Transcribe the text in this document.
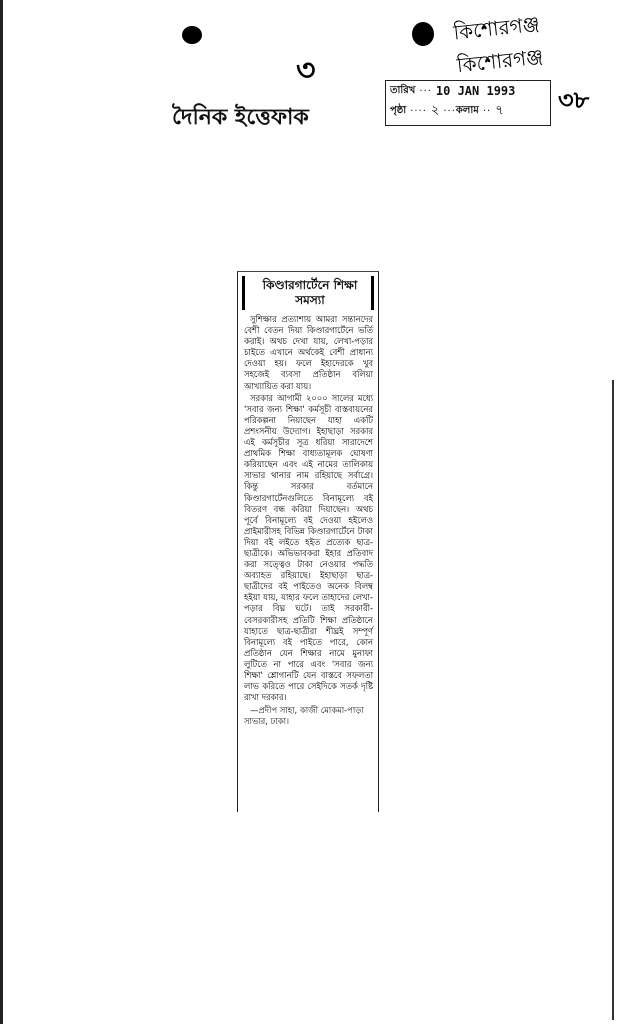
কিশোরগঞ্জ কিশোরগঞ্জ
৩
৩৮
দৈনিক ইত্তেফাক
তারিখ ··· 10 JAN 1993
পৃষ্ঠা ···· ২ ··· কলাম ·· ৭
কিণ্ডারগার্টেনে শিক্ষা
সমস্যা

সুশিক্ষার প্রত্যাশায় আমরা সন্তানদের বেশী বেতন দিয়া কিণ্ডারগার্টেনে ভর্তি করাই। অথচ দেখা যায়, লেখা-পড়ার চাইতে এখানে অর্থকেই বেশী প্রাধান্য দেওয়া হয়। ফলে ইহাদেরকে খুব সহজেই ব্যবসা প্রতিষ্ঠান বলিয়া আখ্যায়িত করা যায়।

সরকার আগামী ২০০০ সালের মধ্যে 'সবার জন্য শিক্ষা' কর্মসূচী বাস্তবায়নের পরিকল্পনা নিয়াছেন যাহা একটি প্রশংসনীয় উদ্যোগ। ইহাছাড়া সরকার এই কর্মসূচীর সূত্র ধরিয়া সারাদেশে প্রাথমিক শিক্ষা বাধ্যতামূলক ঘোষণা করিয়াছেন এবং এই নামের তালিকায় সাভার থানার নাম রহিয়াছে সর্বাগ্রে। কিন্তু সরকার বর্তমানে কিণ্ডারগার্টেনগুলিতে বিনামূল্যে বই বিতরণ বন্ধ করিয়া দিয়াছেন। অথচ পূর্বে বিনামূল্যে বই দেওয়া হইলেও প্রাইমারীসহ বিভিন্ন কিণ্ডারগার্টেনে টাকা দিয়া বই লইতে হইত প্রত্যেক ছাত্র-ছাত্রীকে। অভিভাবকরা ইহার প্রতিবাদ করা সত্ত্বেও টাকা নেওয়ার পদ্ধতি অব্যাহত রহিয়াছে। ইহাছাড়া ছাত্র-ছাত্রীদের বই পাইতেও অনেক বিলম্ব হইয়া যায়, যাহার ফলে তাহাদের লেখা-পড়ার বিঘ্ন ঘটে। তাই সরকারী-বেসরকারীসহ প্রতিটি শিক্ষা প্রতিষ্ঠানে যাহাতে ছাত্র-ছাত্রীরা শীঘ্রই সম্পূর্ণ বিনামূল্যে বই পাইতে পারে, কোন প্রতিষ্ঠান যেন শিক্ষার নামে মুনাফা লুটিতে না পারে এবং 'সবার জন্য শিক্ষা' শ্লোগানটি যেন বাস্তবে সফলতা লাভ করিতে পারে সেইদিকে সতর্ক দৃষ্টি রাখা দরকার।

—প্রদীপ সাহা, কাজী মোকমা-পাড়া সাভার, ঢাকা।
